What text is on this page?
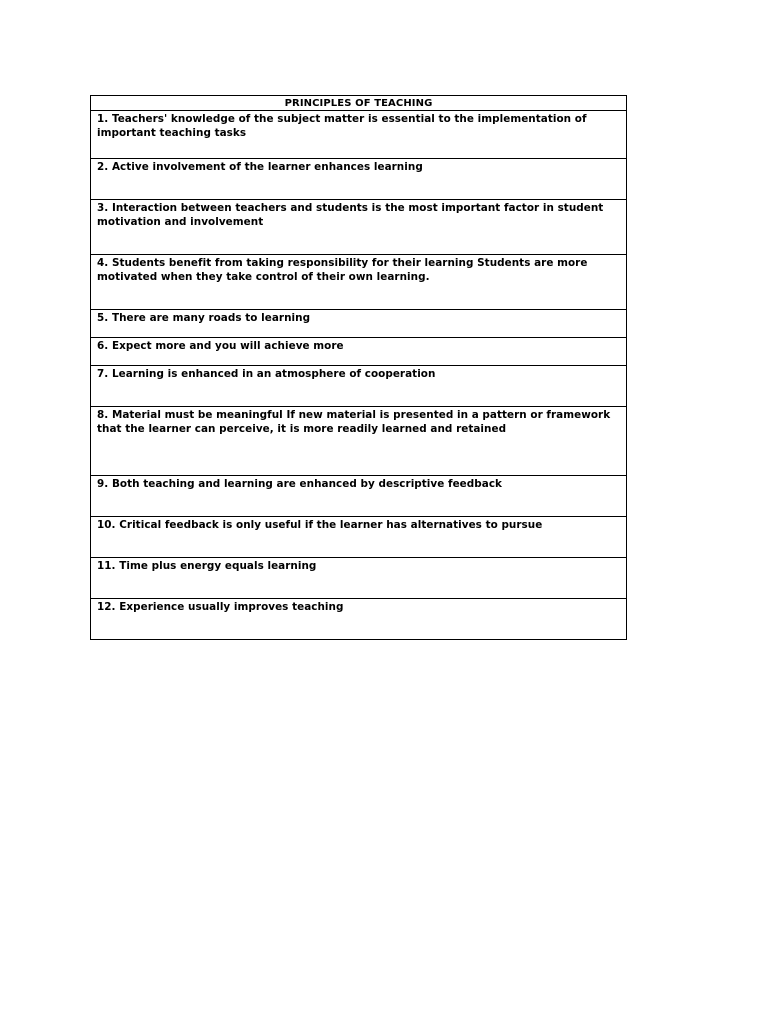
PRINCIPLES OF TEACHING
1. Teachers' knowledge of the subject matter is essential to the implementation of important teaching tasks
2. Active involvement of the learner enhances learning
3. Interaction between teachers and students is the most important factor in student motivation and involvement
4. Students benefit from taking responsibility for their learning Students are more motivated when they take control of their own learning.
5. There are many roads to learning
6. Expect more and you will achieve more
7. Learning is enhanced in an atmosphere of cooperation
8. Material must be meaningful If new material is presented in a pattern or framework that the learner can perceive, it is more readily learned and retained
9. Both teaching and learning are enhanced by descriptive feedback
10. Critical feedback is only useful if the learner has alternatives to pursue
11. Time plus energy equals learning
12. Experience usually improves teaching
